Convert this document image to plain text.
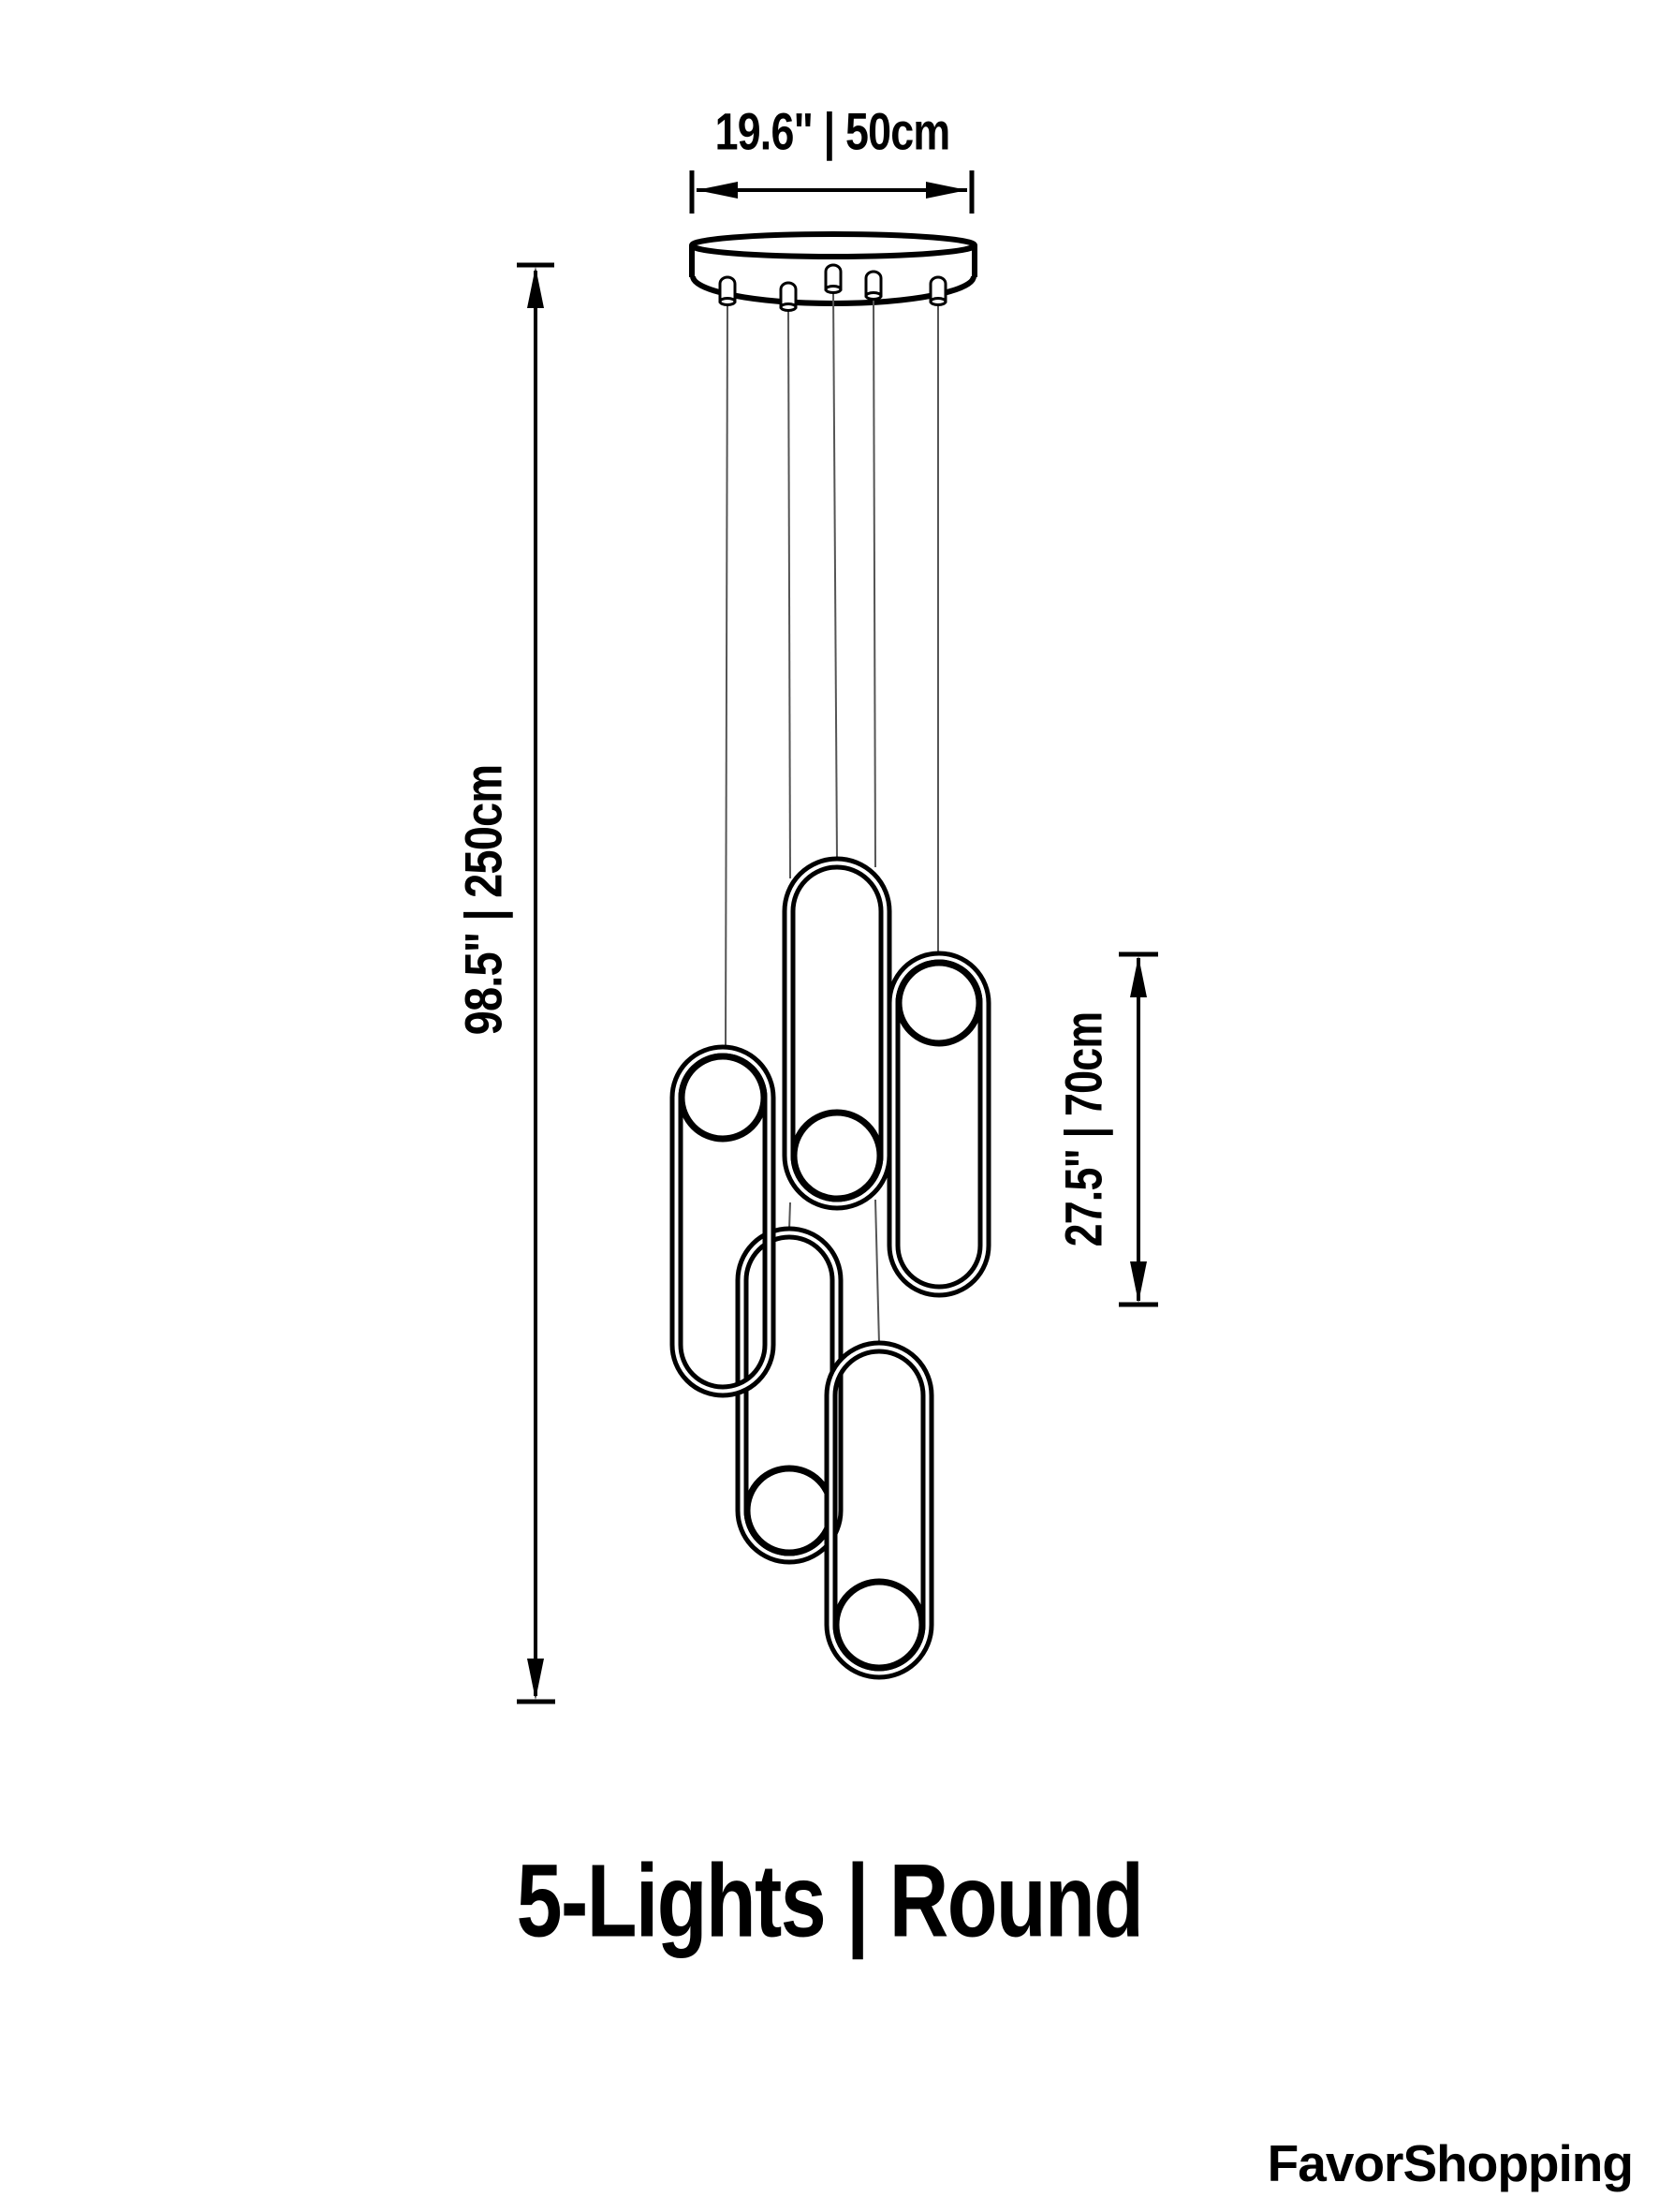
19.6" | 50cm
98.5" | 250cm
27.5" | 70cm
5-Lights | Round
FavorShopping
